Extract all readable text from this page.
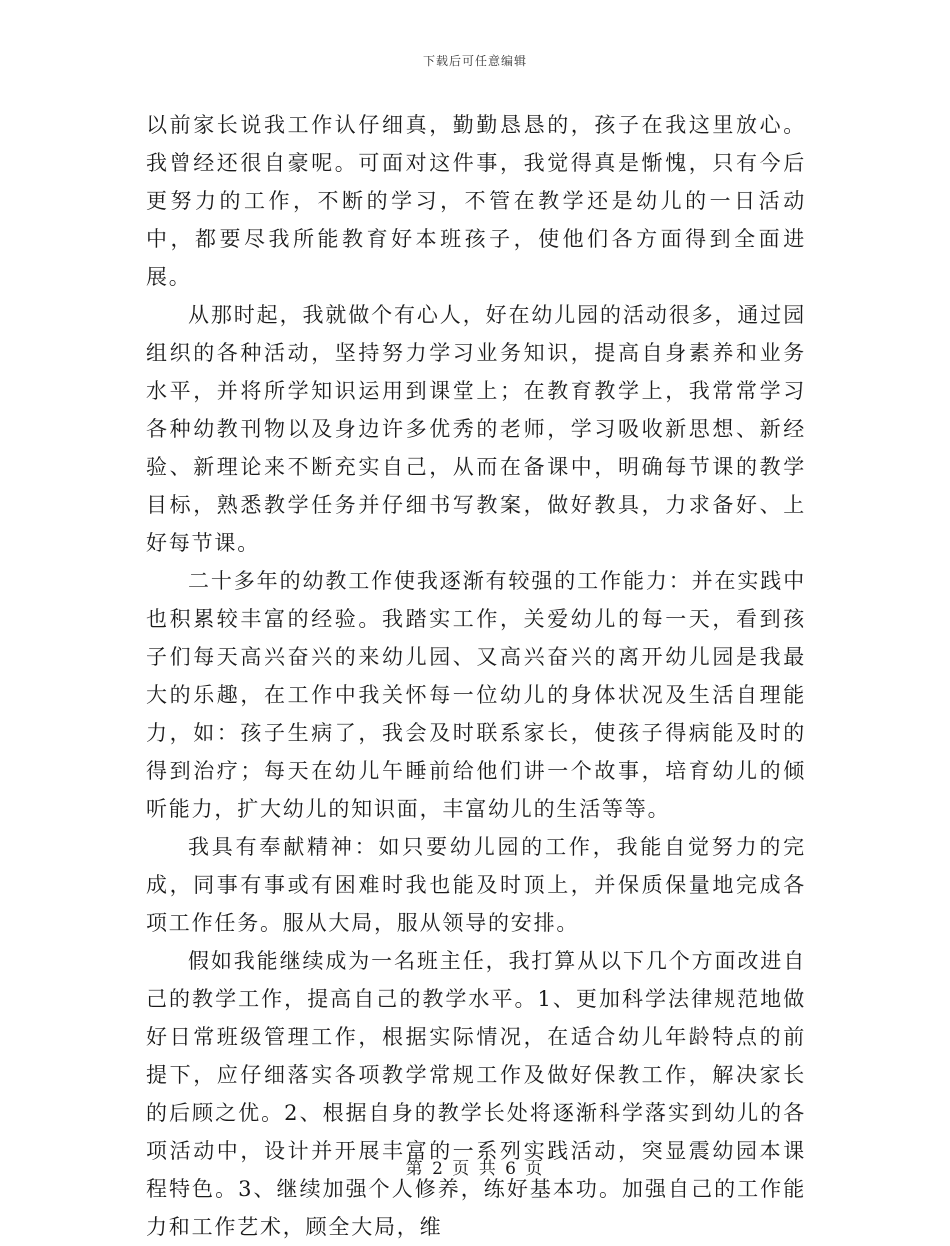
下载后可任意编辑

以前家长说我工作认仔细真，勤勤恳恳的，孩子在我这里放心。我曾经还很自豪呢。可面对这件事，我觉得真是惭愧，只有今后更努力的工作，不断的学习，不管在教学还是幼儿的一日活动中，都要尽我所能教育好本班孩子，使他们各方面得到全面进展。

从那时起，我就做个有心人，好在幼儿园的活动很多，通过园组织的各种活动，坚持努力学习业务知识，提高自身素养和业务水平，并将所学知识运用到课堂上；在教育教学上，我常常学习各种幼教刊物以及身边许多优秀的老师，学习吸收新思想、新经验、新理论来不断充实自己，从而在备课中，明确每节课的教学目标，熟悉教学任务并仔细书写教案，做好教具，力求备好、上好每节课。

二十多年的幼教工作使我逐渐有较强的工作能力：并在实践中也积累较丰富的经验。我踏实工作，关爱幼儿的每一天，看到孩子们每天高兴奋兴的来幼儿园、又高兴奋兴的离开幼儿园是我最大的乐趣，在工作中我关怀每一位幼儿的身体状况及生活自理能力，如：孩子生病了，我会及时联系家长，使孩子得病能及时的得到治疗；每天在幼儿午睡前给他们讲一个故事，培育幼儿的倾听能力，扩大幼儿的知识面，丰富幼儿的生活等等。

我具有奉献精神：如只要幼儿园的工作，我能自觉努力的完成，同事有事或有困难时我也能及时顶上，并保质保量地完成各项工作任务。服从大局，服从领导的安排。

假如我能继续成为一名班主任，我打算从以下几个方面改进自己的教学工作，提高自己的教学水平。1、更加科学法律规范地做好日常班级管理工作，根据实际情况，在适合幼儿年龄特点的前提下，应仔细落实各项教学常规工作及做好保教工作，解决家长的后顾之优。2、根据自身的教学长处将逐渐科学落实到幼儿的各项活动中，设计并开展丰富的一系列实践活动，突显震幼园本课程特色。3、继续加强个人修养，练好基本功。加强自己的工作能力和工作艺术，顾全大局，维

第 2 页 共 6 页
